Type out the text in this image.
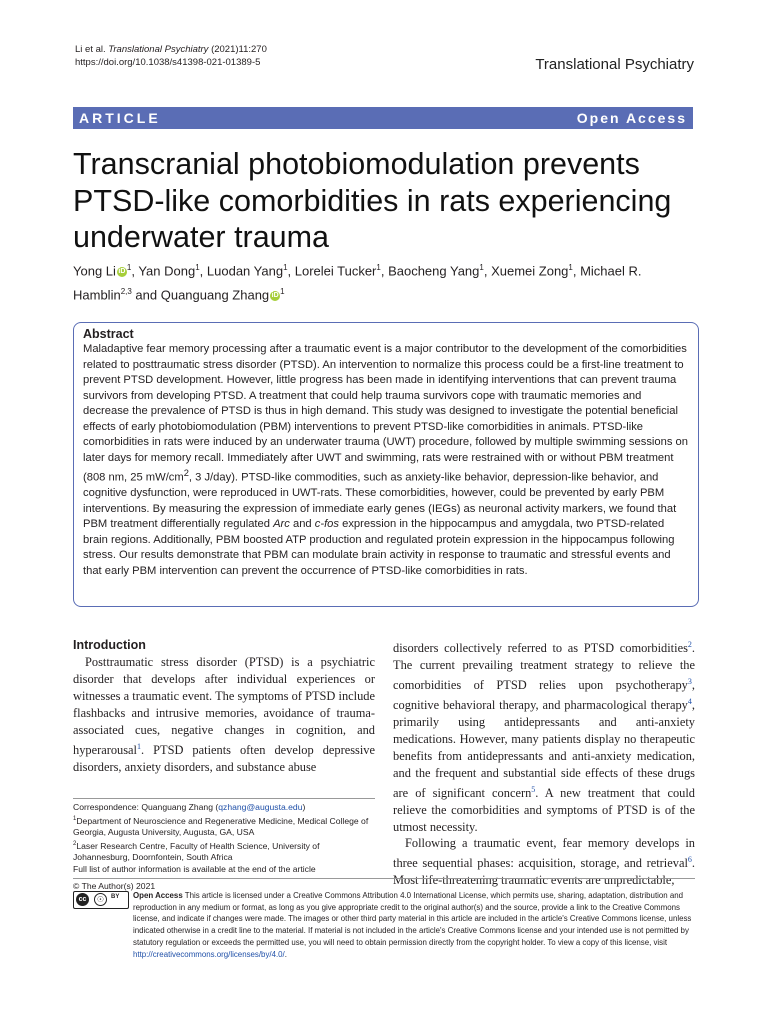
Li et al. Translational Psychiatry (2021)11:270
https://doi.org/10.1038/s41398-021-01389-5	Translational Psychiatry
ARTICLE	Open Access
Transcranial photobiomodulation prevents PTSD-like comorbidities in rats experiencing underwater trauma
Yong Li iD $^1$, Yan Dong$^1$, Luodan Yang$^1$, Lorelei Tucker$^1$, Baocheng Yang$^1$, Xuemei Zong$^1$, Michael R. Hamblin$^{2,3}$ and Quanguang Zhang iD $^1$
Abstract
Maladaptive fear memory processing after a traumatic event is a major contributor to the development of the comorbidities related to posttraumatic stress disorder (PTSD). An intervention to normalize this process could be a first-line treatment to prevent PTSD development. However, little progress has been made in identifying interventions that can prevent trauma survivors from developing PTSD. A treatment that could help trauma survivors cope with traumatic memories and decrease the prevalence of PTSD is thus in high demand. This study was designed to investigate the potential beneficial effects of early photobiomodulation (PBM) interventions to prevent PTSD-like comorbidities in animals. PTSD-like comorbidities in rats were induced by an underwater trauma (UWT) procedure, followed by multiple swimming sessions on later days for memory recall. Immediately after UWT and swimming, rats were restrained with or without PBM treatment (808 nm, 25 $mW/cm^2$, 3 J/day). PTSD-like commodities, such as anxiety-like behavior, depression-like behavior, and cognitive dysfunction, were reproduced in UWT-rats. These comorbidities, however, could be prevented by early PBM interventions. By measuring the expression of immediate early genes (IEGs) as neuronal activity markers, we found that PBM treatment differentially regulated Arc and c-fos expression in the hippocampus and amygdala, two PTSD-related brain regions. Additionally, PBM boosted ATP production and regulated protein expression in the hippocampus following stress. Our results demonstrate that PBM can modulate brain activity in response to traumatic and stressful events and that early PBM intervention can prevent the occurrence of PTSD-like comorbidities in rats.
Introduction
Posttraumatic stress disorder (PTSD) is a psychiatric disorder that develops after individual experiences or witnesses a traumatic event. The symptoms of PTSD include flashbacks and intrusive memories, avoidance of trauma-associated cues, negative changes in cognition, and hyperarousal$^1$. PTSD patients often develop depressive disorders, anxiety disorders, and substance abuse
disorders collectively referred to as PTSD comorbidities$^2$. The current prevailing treatment strategy to relieve the comorbidities of PTSD relies upon psychotherapy$^3$, cognitive behavioral therapy, and pharmacological therapy$^4$, primarily using antidepressants and anti-anxiety medications. However, many patients display no therapeutic benefits from antidepressants and anti-anxiety medication, and the frequent and substantial side effects of these drugs are of significant concern$^5$. A new treatment that could relieve the comorbidities and symptoms of PTSD is of the utmost necessity.
Following a traumatic event, fear memory develops in three sequential phases: acquisition, storage, and retrieval$^6$. Most life-threatening traumatic events are unpredictable,
Correspondence: Quanguang Zhang (qzhang@augusta.edu)
$^1$Department of Neuroscience and Regenerative Medicine, Medical College of Georgia, Augusta University, Augusta, GA, USA
$^2$Laser Research Centre, Faculty of Health Science, University of Johannesburg, Doornfontein, South Africa
Full list of author information is available at the end of the article
© The Author(s) 2021
Open Access This article is licensed under a Creative Commons Attribution 4.0 International License, which permits use, sharing, adaptation, distribution and reproduction in any medium or format, as long as you give appropriate credit to the original author(s) and the source, provide a link to the Creative Commons license, and indicate if changes were made. The images or other third party material in this article are included in the article's Creative Commons license, unless indicated otherwise in a credit line to the material. If material is not included in the article's Creative Commons license and your intended use is not permitted by statutory regulation or exceeds the permitted use, you will need to obtain permission directly from the copyright holder. To view a copy of this license, visit http://creativecommons.org/licenses/by/4.0/.
cc	☉	BY
